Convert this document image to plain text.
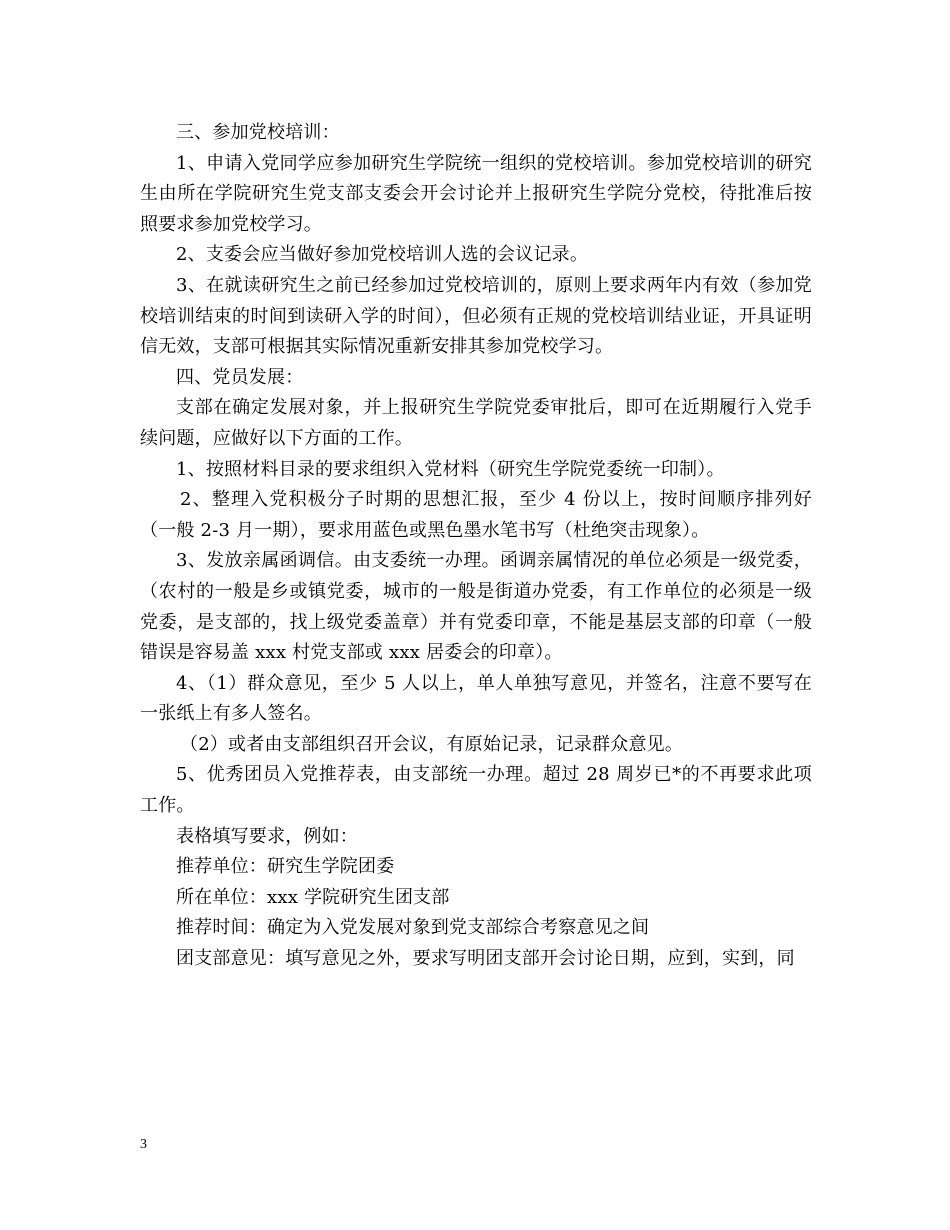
三、参加党校培训：

1、申请入党同学应参加研究生学院统一组织的党校培训。参加党校培训的研究生由所在学院研究生党支部支委会开会讨论并上报研究生学院分党校，待批准后按照要求参加党校学习。

2、支委会应当做好参加党校培训人选的会议记录。

3、在就读研究生之前已经参加过党校培训的，原则上要求两年内有效（参加党校培训结束的时间到读研入学的时间），但必须有正规的党校培训结业证，开具证明信无效，支部可根据其实际情况重新安排其参加党校学习。

四、党员发展：

支部在确定发展对象，并上报研究生学院党委审批后，即可在近期履行入党手续问题，应做好以下方面的工作。

1、按照材料目录的要求组织入党材料（研究生学院党委统一印制）。

2、整理入党积极分子时期的思想汇报，至少 4 份以上，按时间顺序排列好（一般 2-3 月一期），要求用蓝色或黑色墨水笔书写（杜绝突击现象）。

3、发放亲属函调信。由支委统一办理。函调亲属情况的单位必须是一级党委，（农村的一般是乡或镇党委，城市的一般是街道办党委，有工作单位的必须是一级党委，是支部的，找上级党委盖章）并有党委印章，不能是基层支部的印章（一般错误是容易盖 xxx 村党支部或 xxx 居委会的印章）。

4、（1）群众意见，至少 5 人以上，单人单独写意见，并签名，注意不要写在一张纸上有多人签名。

（2）或者由支部组织召开会议，有原始记录，记录群众意见。

5、优秀团员入党推荐表，由支部统一办理。超过 28 周岁已*的不再要求此项工作。

表格填写要求，例如：

推荐单位：研究生学院团委

所在单位：xxx 学院研究生团支部

推荐时间：确定为入党发展对象到党支部综合考察意见之间

团支部意见：填写意见之外，要求写明团支部开会讨论日期，应到，实到，同

3
